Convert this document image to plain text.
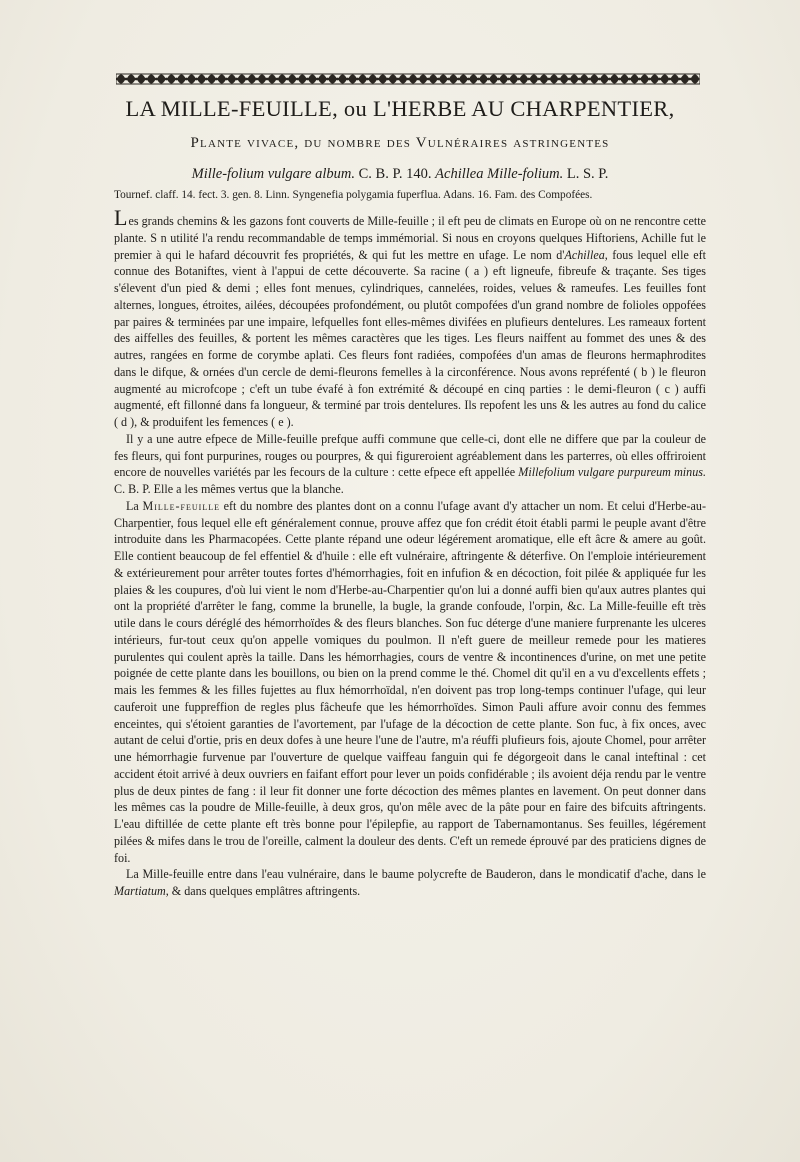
LA MILLE-FEUILLE, ou L'HERBE AU CHARPENTIER,
Plante vivace, du nombre des Vulnéraires astringentes
Mille-folium vulgare album. C. B. P. 140. Achillea Mille-folium. L. S. P.
Tournef. claff. 14. fect. 3. gen. 8. Linn. Syngenefia polygamia fuperflua. Adans. 16. Fam. des Compofées.

Les grands chemins & les gazons font couverts de Mille-feuille ; il eft peu de climats en Europe où on ne rencontre cette plante. S n utilité l'a rendu recommandable de temps immémorial. Si nous en croyons quelques Hiftoriens, Achille fut le premier à qui le hafard découvrit fes propriétés, & qui fut les mettre en ufage. Le nom d'Achillea, fous lequel elle eft connue des Botaniftes, vient à l'appui de cette découverte. Sa racine ( a ) eft ligneufe, fibreufe & traçante. Ses tiges s'élevent d'un pied & demi ; elles font menues, cylindriques, cannelées, roides, velues & rameufes. Les feuilles font alternes, longues, étroites, ailées, découpées profondément, ou plutôt compofées d'un grand nombre de folioles oppofées par paires & terminées par une impaire, lefquelles font elles-mêmes divifées en plufieurs dentelures. Les rameaux fortent des aiffelles des feuilles, & portent les mêmes caractères que les tiges. Les fleurs naiffent au fommet des unes & des autres, rangées en forme de corymbe aplati. Ces fleurs font radiées, compofées d'un amas de fleurons hermaphrodites dans le difque, & ornées d'un cercle de demi-fleurons femelles à la circonférence. Nous avons repréfenté ( b ) le fleuron augmenté au microfcope ; c'eft un tube évafé à fon extrémité & découpé en cinq parties : le demi-fleuron ( c ) auffi augmenté, eft fillonné dans fa longueur, & terminé par trois dentelures. Ils repofent les uns & les autres au fond du calice ( d ), & produifent les femences ( e ).

Il y a une autre efpece de Mille-feuille prefque auffi commune que celle-ci, dont elle ne differe que par la couleur de fes fleurs, qui font purpurines, rouges ou pourpres, & qui figureroient agréablement dans les parterres, où elles offriroient encore de nouvelles variétés par les fecours de la culture : cette efpece eft appellée Millefolium vulgare purpureum minus. C. B. P. Elle a les mêmes vertus que la blanche.

La Mille-feuille eft du nombre des plantes dont on a connu l'ufage avant d'y attacher un nom. Et celui d'Herbe-au-Charpentier, fous lequel elle eft généralement connue, prouve affez que fon crédit étoit établi parmi le peuple avant d'être introduite dans les Pharmacopées. Cette plante répand une odeur légérement aromatique, elle eft âcre & amere au goût. Elle contient beaucoup de fel effentiel & d'huile : elle eft vulnéraire, aftringente & déterfive. On l'emploie intérieurement & extérieurement pour arrêter toutes fortes d'hémorrhagies, foit en infufion & en décoction, foit pilée & appliquée fur les plaies & les coupures, d'où lui vient le nom d'Herbe-au-Charpentier qu'on lui a donné auffi bien qu'aux autres plantes qui ont la propriété d'arrêter le fang, comme la brunelle, la bugle, la grande confoude, l'orpin, &c. La Mille-feuille eft très utile dans le cours déréglé des hémorrhoïdes & des fleurs blanches. Son fuc déterge d'une maniere furprenante les ulceres intérieurs, fur-tout ceux qu'on appelle vomiques du poulmon. Il n'eft guere de meilleur remede pour les matieres purulentes qui coulent après la taille. Dans les hémorrhagies, cours de ventre & incontinences d'urine, on met une petite poignée de cette plante dans les bouillons, ou bien on la prend comme le thé. Chomel dit qu'il en a vu d'excellents effets ; mais les femmes & les filles fujettes au flux hémorrhoïdal, n'en doivent pas trop long-temps continuer l'ufage, qui leur cauferoit une fuppreffion de regles plus fâcheufe que les hémorrhoïdes. Simon Pauli affure avoir connu des femmes enceintes, qui s'étoient garanties de l'avortement, par l'ufage de la décoction de cette plante. Son fuc, à fix onces, avec autant de celui d'ortie, pris en deux dofes à une heure l'une de l'autre, m'a réuffi plufieurs fois, ajoute Chomel, pour arrêter une hémorrhagie furvenue par l'ouverture de quelque vaiffeau fanguin qui fe dégorgeoit dans le canal inteftinal : cet accident étoit arrivé à deux ouvriers en faifant effort pour lever un poids confidérable ; ils avoient déja rendu par le ventre plus de deux pintes de fang : il leur fit donner une forte décoction des mêmes plantes en lavement. On peut donner dans les mêmes cas la poudre de Mille-feuille, à deux gros, qu'on mêle avec de la pâte pour en faire des bifcuits aftringents. L'eau diftillée de cette plante eft très bonne pour l'épilepfie, au rapport de Tabernamontanus. Ses feuilles, légérement pilées & mifes dans le trou de l'oreille, calment la douleur des dents. C'eft un remede éprouvé par des praticiens dignes de foi.

La Mille-feuille entre dans l'eau vulnéraire, dans le baume polycrefte de Bauderon, dans le mondicatif d'ache, dans le Martiatum, & dans quelques emplâtres aftringents.
